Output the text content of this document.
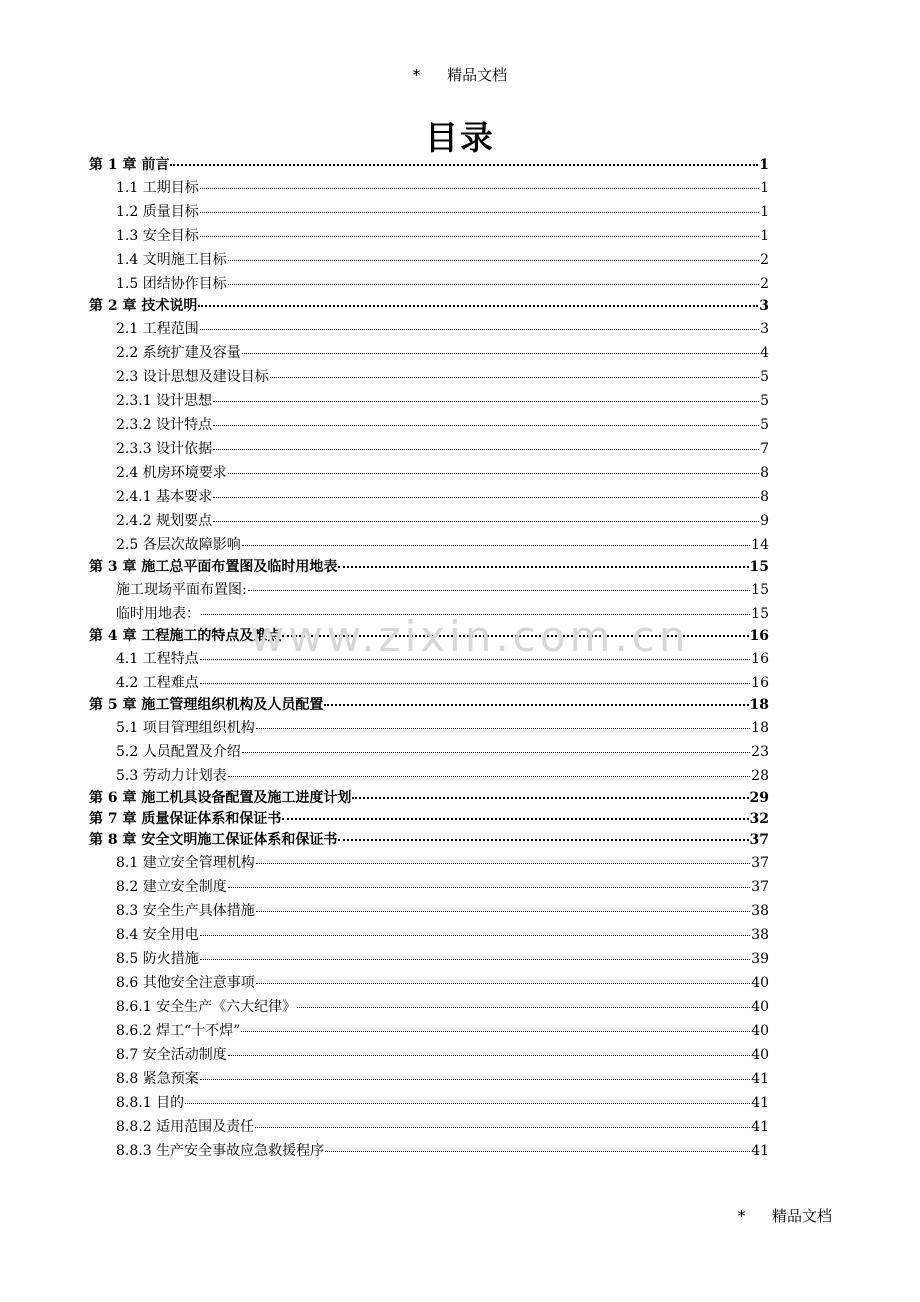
* 精品文档
目录
第 1 章 前言	1
1.1 工期目标	1
1.2 质量目标	1
1.3 安全目标	1
1.4 文明施工目标	2
1.5 团结协作目标	2
第 2 章 技术说明	3
2.1 工程范围	3
2.2 系统扩建及容量	4
2.3 设计思想及建设目标	5
2.3.1 设计思想	5
2.3.2 设计特点	5
2.3.3 设计依据	7
2.4 机房环境要求	8
2.4.1 基本要求	8
2.4.2 规划要点	9
2.5 各层次故障影响	14
第 3 章 施工总平面布置图及临时用地表	15
施工现场平面布置图:	15
临时用地表：	15
第 4 章 工程施工的特点及难点	16
4.1 工程特点	16
4.2 工程难点	16
第 5 章 施工管理组织机构及人员配置	18
5.1 项目管理组织机构	18
5.2 人员配置及介绍	23
5.3 劳动力计划表	28
第 6 章 施工机具设备配置及施工进度计划	29
第 7 章 质量保证体系和保证书	32
第 8 章 安全文明施工保证体系和保证书	37
8.1 建立安全管理机构	37
8.2 建立安全制度	37
8.3 安全生产具体措施	38
8.4 安全用电	38
8.5 防火措施	39
8.6 其他安全注意事项	40
8.6.1 安全生产《六大纪律》	40
8.6.2 焊工“十不焊”	40
8.7 安全活动制度	40
8.8 紧急预案	41
8.8.1 目的	41
8.8.2 适用范围及责任	41
8.8.3 生产安全事故应急救援程序	41
www.zixin.com.cn
* 精品文档
